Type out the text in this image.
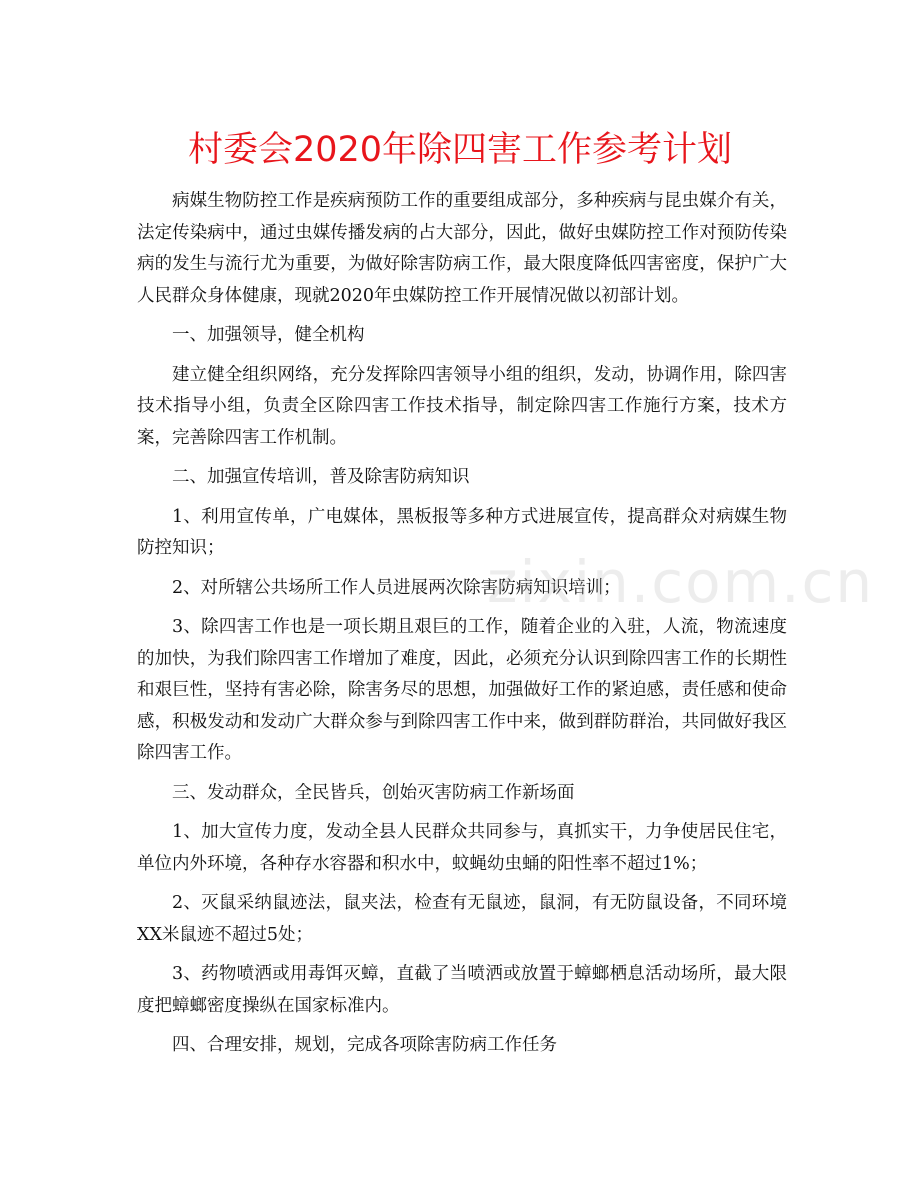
村委会2020年除四害工作参考计划

病媒生物防控工作是疾病预防工作的重要组成部分，多种疾病与昆虫媒介有关，法定传染病中，通过虫媒传播发病的占大部分，因此，做好虫媒防控工作对预防传染病的发生与流行尤为重要，为做好除害防病工作，最大限度降低四害密度，保护广大人民群众身体健康，现就2020年虫媒防控工作开展情况做以初部计划。

一、加强领导，健全机构

建立健全组织网络，充分发挥除四害领导小组的组织，发动，协调作用，除四害技术指导小组，负责全区除四害工作技术指导，制定除四害工作施行方案，技术方案，完善除四害工作机制。

二、加强宣传培训，普及除害防病知识

1、利用宣传单，广电媒体，黑板报等多种方式进展宣传，提高群众对病媒生物防控知识；

2、对所辖公共场所工作人员进展两次除害防病知识培训；

3、除四害工作也是一项长期且艰巨的工作，随着企业的入驻，人流，物流速度的加快，为我们除四害工作增加了难度，因此，必须充分认识到除四害工作的长期性和艰巨性，坚持有害必除，除害务尽的思想，加强做好工作的紧迫感，责任感和使命感，积极发动和发动广大群众参与到除四害工作中来，做到群防群治，共同做好我区除四害工作。

三、发动群众，全民皆兵，创始灭害防病工作新场面

1、加大宣传力度，发动全县人民群众共同参与，真抓实干，力争使居民住宅，单位内外环境，各种存水容器和积水中，蚊蝇幼虫蛹的阳性率不超过1%；

2、灭鼠采纳鼠迹法，鼠夹法，检查有无鼠迹，鼠洞，有无防鼠设备，不同环境XX米鼠迹不超过5处；

3、药物喷洒或用毒饵灭蟑，直截了当喷洒或放置于蟑螂栖息活动场所，最大限度把蟑螂密度操纵在国家标准内。

四、合理安排，规划，完成各项除害防病工作任务

zixin.com.cn
